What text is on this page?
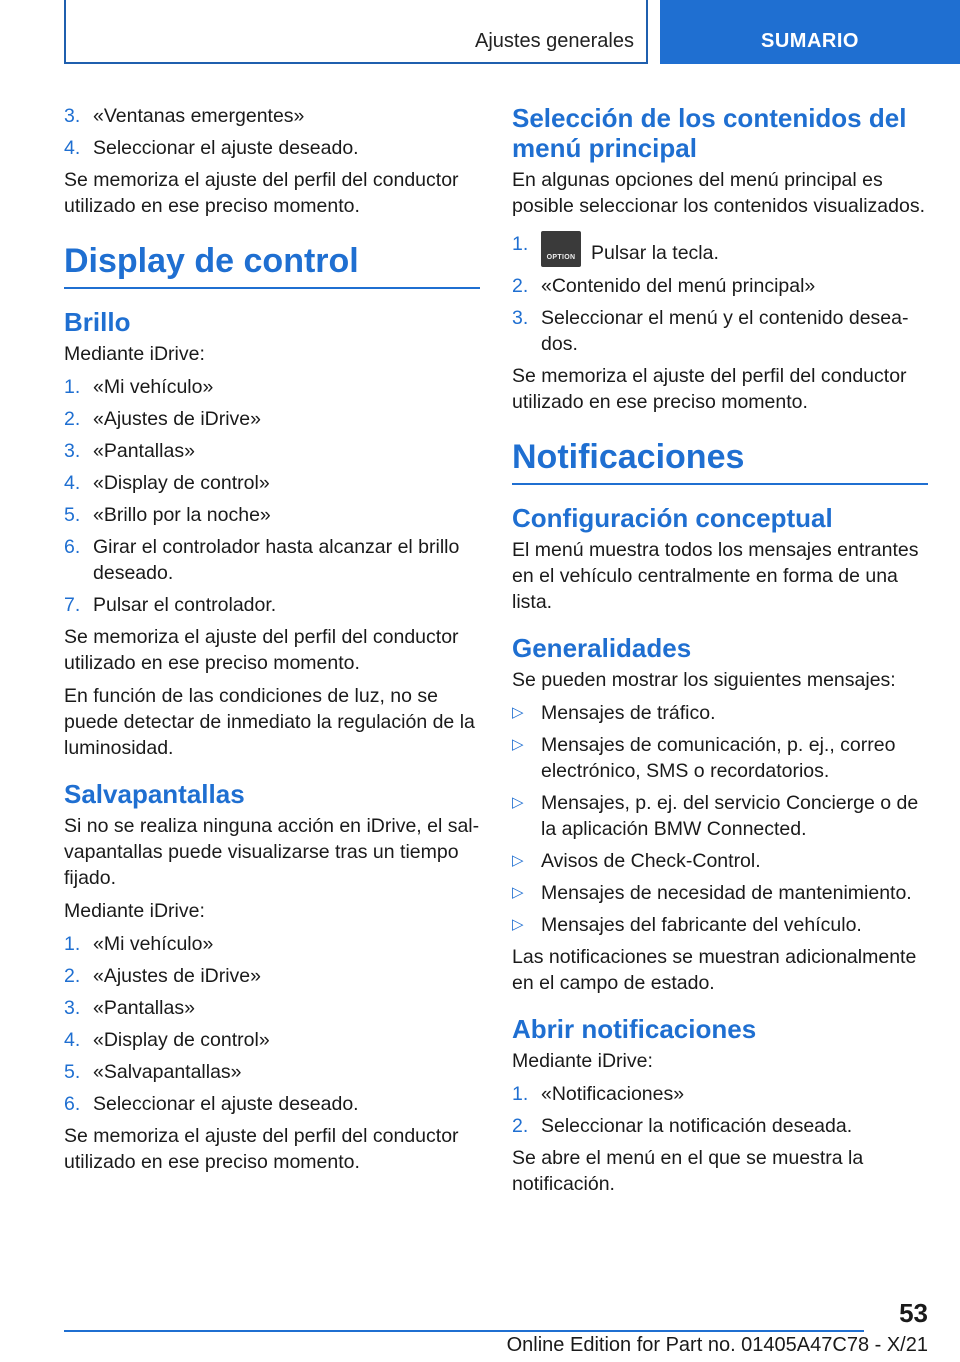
Ajustes generales	SUMARIO
3. «Ventanas emergentes»
4. Seleccionar el ajuste deseado.

Se memoriza el ajuste del perfil del conductor utilizado en ese preciso momento.

Display de control
Brillo

Mediante iDrive:

1. «Mi vehículo»
2. «Ajustes de iDrive»
3. «Pantallas»
4. «Display de control»
5. «Brillo por la noche»
6. Girar el controlador hasta alcanzar el brillo deseado.
7. Pulsar el controlador.

Se memoriza el ajuste del perfil del conductor utilizado en ese preciso momento.

En función de las condiciones de luz, no se puede detectar de inmediato la regulación de la luminosidad.

Salvapantallas

Si no se realiza ninguna acción en iDrive, el salvapantallas puede visualizarse tras un tiempo fijado.

Mediante iDrive:

1. «Mi vehículo»
2. «Ajustes de iDrive»
3. «Pantallas»
4. «Display de control»
5. «Salvapantallas»
6. Seleccionar el ajuste deseado.

Se memoriza el ajuste del perfil del conductor utilizado en ese preciso momento.

Selección de los contenidos del menú principal

En algunas opciones del menú principal es posible seleccionar los contenidos visualizados.

1.
OPTION Pulsar la tecla.
2. «Contenido del menú principal»
3. Seleccionar el menú y el contenido deseados.

Se memoriza el ajuste del perfil del conductor utilizado en ese preciso momento.

Notificaciones
Configuración conceptual

El menú muestra todos los mensajes entrantes en el vehículo centralmente en forma de una lista.

Generalidades

Se pueden mostrar los siguientes mensajes:

▷ Mensajes de tráfico.
▷ Mensajes de comunicación, p. ej., correo electrónico, SMS o recordatorios.
▷ Mensajes, p. ej. del servicio Concierge o de la aplicación BMW Connected.
▷ Avisos de Check-Control.
▷ Mensajes de necesidad de mantenimiento.
▷ Mensajes del fabricante del vehículo.

Las notificaciones se muestran adicionalmente en el campo de estado.

Abrir notificaciones

Mediante iDrive:

1. «Notificaciones»
2. Seleccionar la notificación deseada.

Se abre el menú en el que se muestra la notificación.

53
Online Edition for Part no. 01405A47C78 - X/21
